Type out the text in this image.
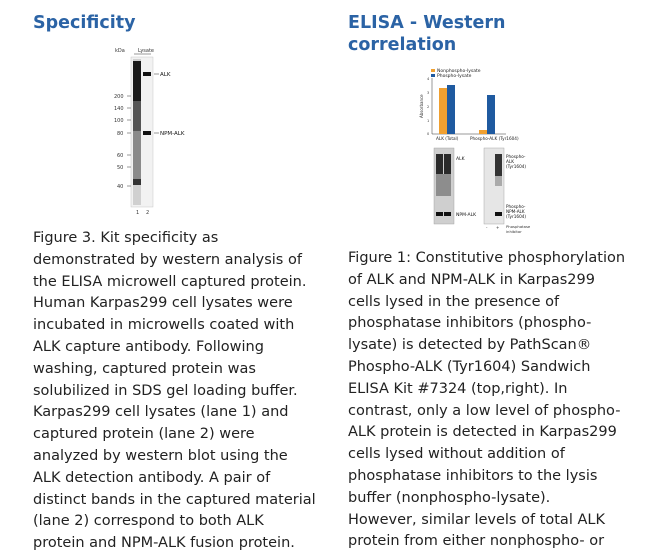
Specificity
kDa	Lysate
200
140
100
80
60
50
40
ALK
NPM-ALK
1 2
Figure 3. Kit specificity as
demonstrated by western analysis of
the ELISA microwell captured protein.
Human Karpas299 cell lysates were
incubated in microwells coated with
ALK capture antibody. Following
washing, captured protein was
solubilized in SDS gel loading buffer.
Karpas299 cell lysates (lane 1) and
captured protein (lane 2) were
analyzed by western blot using the
ALK detection antibody. A pair of
distinct bands in the captured material
(lane 2) correspond to both ALK
protein and NPM-ALK fusion protein.
ELISA - Western
correlation
Nonphospho-lysate
Phospho-lysate
4
3
2
1
0
Absorbance
ALK (Total)	Phospho-ALK (Tyr1604)
ALK
NPM-ALK
Phospho-
ALK
(Tyr1604)
Phospho-
NPM-ALK
(Tyr1604)
- + Phosphatase
inhibitor
Figure 1: Constitutive phosphorylation
of ALK and NPM-ALK in Karpas299
cells lysed in the presence of
phosphatase inhibitors (phospho-
lysate) is detected by PathScan®
Phospho-ALK (Tyr1604) Sandwich
ELISA Kit #7324 (top,right). In
contrast, only a low level of phospho-
ALK protein is detected in Karpas299
cells lysed without addition of
phosphatase inhibitors to the lysis
buffer (nonphospho-lysate).
However, similar levels of total ALK
protein from either nonphospho- or
